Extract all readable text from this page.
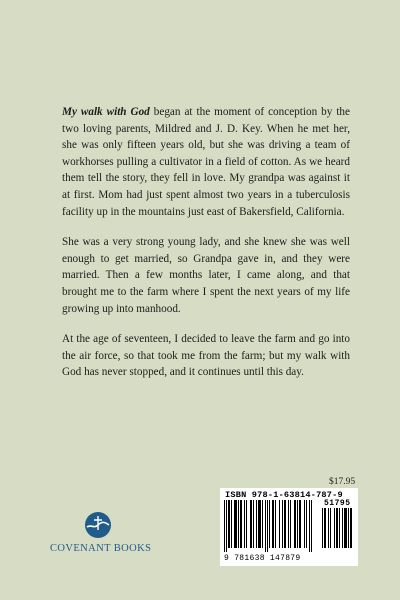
My walk with God began at the moment of conception by the two loving parents, Mildred and J. D. Key. When he met her, she was only fifteen years old, but she was driving a team of workhorses pulling a cultivator in a field of cotton. As we heard them tell the story, they fell in love. My grandpa was against it at first. Mom had just spent almost two years in a tuberculosis facility up in the mountains just east of Bakersfield, California.

She was a very strong young lady, and she knew she was well enough to get married, so Grandpa gave in, and they were married. Then a few months later, I came along, and that brought me to the farm where I spent the next years of my life growing up into manhood.

At the age of seventeen, I decided to leave the farm and go into the air force, so that took me from the farm; but my walk with God has never stopped, and it continues until this day.

$17.95
ISBN 978-1-63814-787-9
51795
9 781638 147879
COVENANT BOOKS
